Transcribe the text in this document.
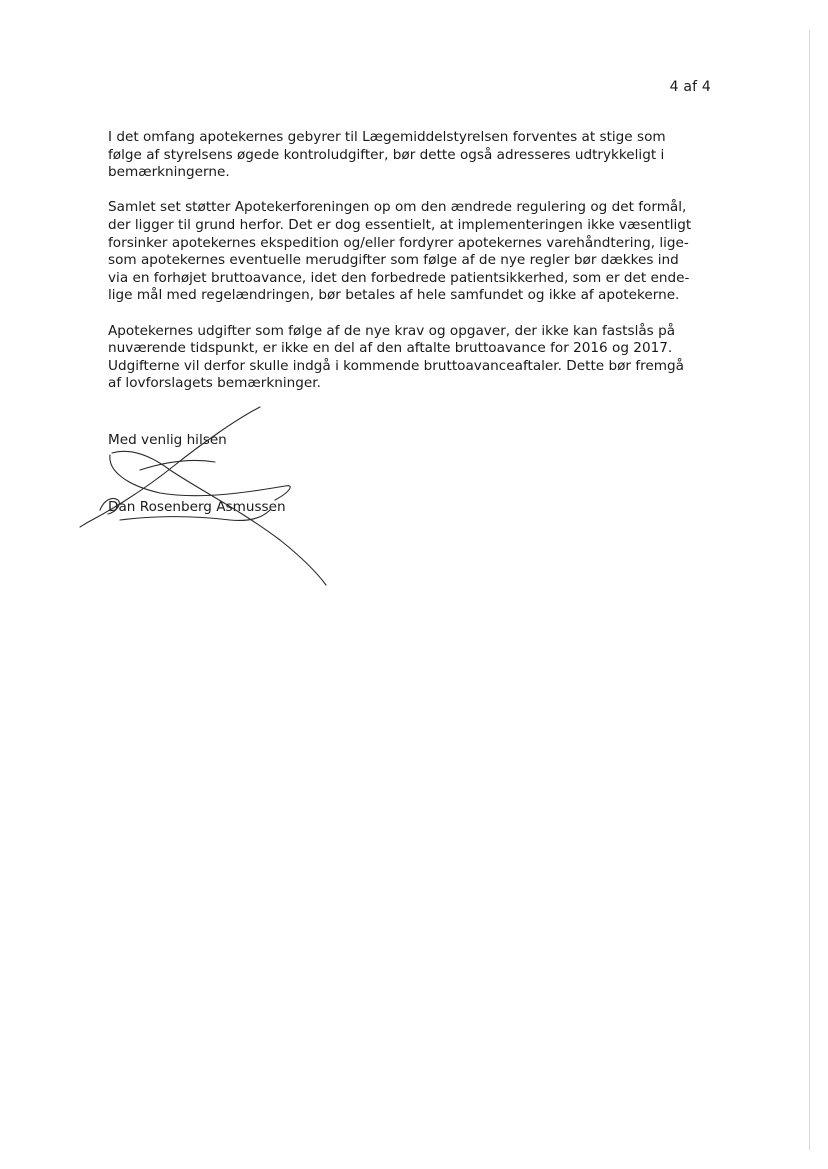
4 af 4

I det omfang apotekernes gebyrer til Lægemiddelstyrelsen forventes at stige som
følge af styrelsens øgede kontroludgifter, bør dette også adresseres udtrykkeligt i
bemærkningerne.

Samlet set støtter Apotekerforeningen op om den ændrede regulering og det formål,
der ligger til grund herfor. Det er dog essentielt, at implementeringen ikke væsentligt
forsinker apotekernes ekspedition og/eller fordyrer apotekernes varehåndtering, lige-
som apotekernes eventuelle merudgifter som følge af de nye regler bør dækkes ind
via en forhøjet bruttoavance, idet den forbedrede patientsikkerhed, som er det ende-
lige mål med regelændringen, bør betales af hele samfundet og ikke af apotekerne.

Apotekernes udgifter som følge af de nye krav og opgaver, der ikke kan fastslås på
nuværende tidspunkt, er ikke en del af den aftalte bruttoavance for 2016 og 2017.
Udgifterne vil derfor skulle indgå i kommende bruttoavanceaftaler. Dette bør fremgå
af lovforslagets bemærkninger.

Med venlig hilsen
Dan Rosenberg Asmussen
